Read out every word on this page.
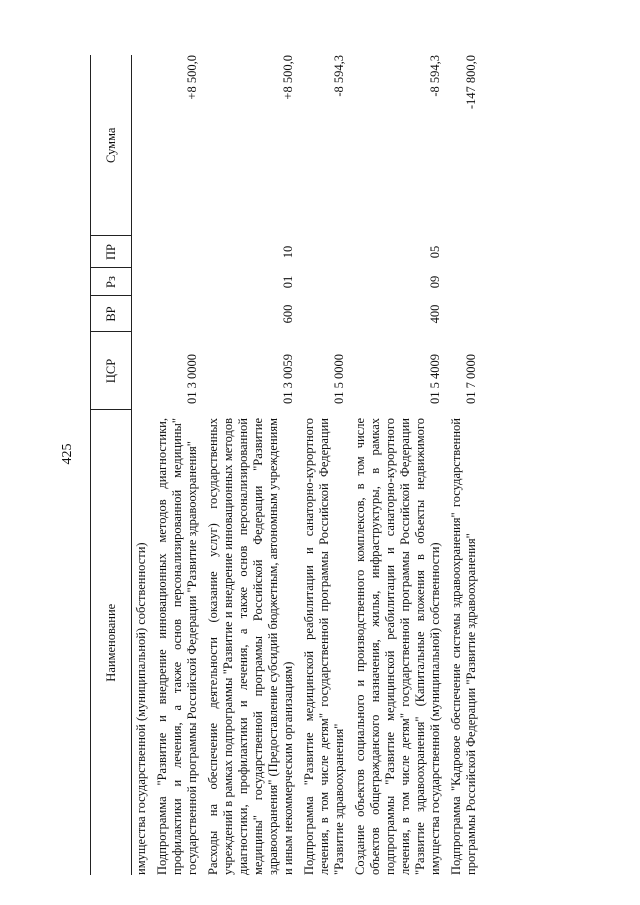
425
Наименование	ЦСР	ВР	Рз	ПР	Сумма
имущества государственной (муниципальной) собственности)					
Подпрограмма "Развитие и внедрение инновационных методов диагностики, профилактики и лечения, а также основ персонализированной медицины" государственной программы Российской Федерации "Развитие здравоохранения"	01 3 0000				+8 500,0
Расходы на обеспечение деятельности (оказание услуг) государственных учреждений в рамках подпрограммы "Развитие и внедрение инновационных методов диагностики, профилактики и лечения, а также основ персонализированной медицины" государственной программы Российской Федерации "Развитие здравоохранения" (Предоставление субсидий бюджетным, автономным учреждениям и иным некоммерческим организациям)	01 3 0059	600	01	10	+8 500,0
Подпрограмма "Развитие медицинской реабилитации и санаторно-курортного лечения, в том числе детям" государственной программы Российской Федерации "Развитие здравоохранения"	01 5 0000				-8 594,3
Создание объектов социального и производственного комплексов, в том числе объектов общегражданского назначения, жилья, инфраструктуры, в рамках подпрограммы "Развитие медицинской реабилитации и санаторно-курортного лечения, в том числе детям" государственной программы Российской Федерации "Развитие здравоохранения" (Капитальные вложения в объекты недвижимого имущества государственной (муниципальной) собственности)	01 5 4009	400	09	05	-8 594,3
Подпрограмма "Кадровое обеспечение системы здравоохранения" государственной программы Российской Федерации "Развитие здравоохранения"	01 7 0000				-147 800,0
